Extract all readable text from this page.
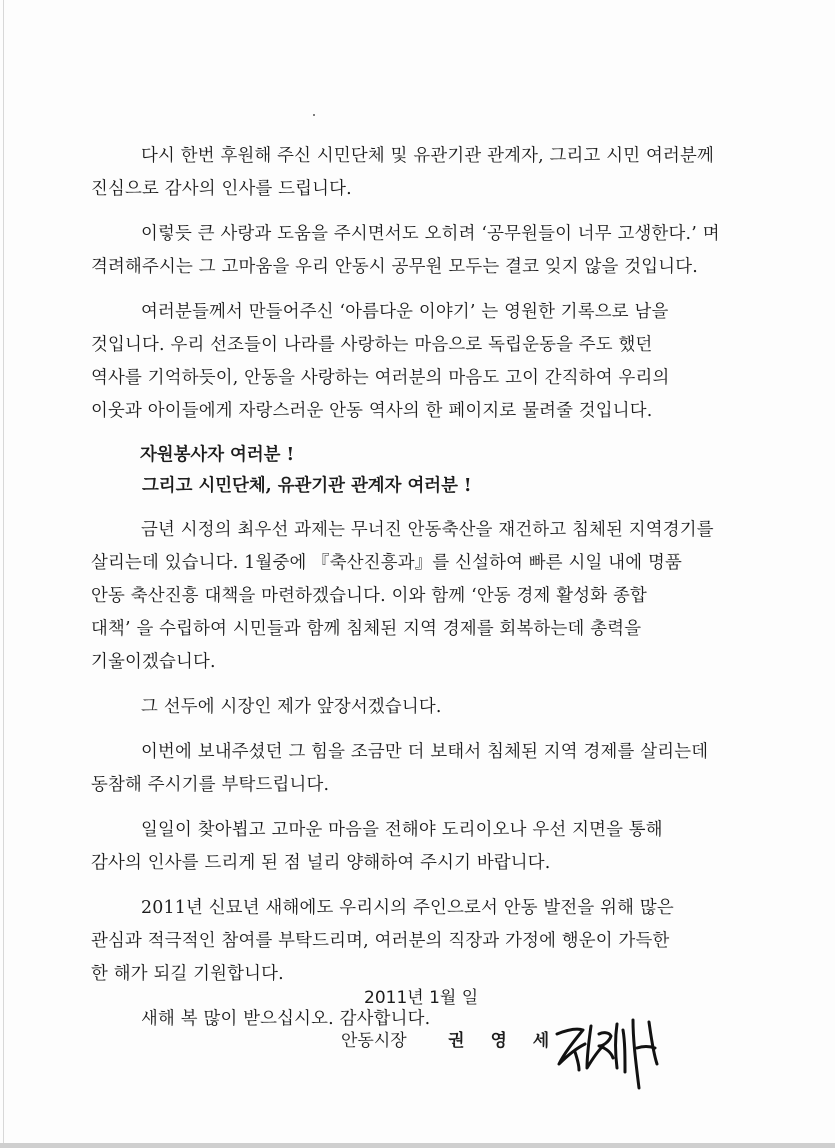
다시 한번 후원해 주신 시민단체 및 유관기관 관계자, 그리고 시민 여러분께
진심으로 감사의 인사를 드립니다.
이렇듯 큰 사랑과 도움을 주시면서도 오히려 ‘공무원들이 너무 고생한다.’ 며
격려해주시는 그 고마움을 우리 안동시 공무원 모두는 결코 잊지 않을 것입니다.
여러분들께서 만들어주신 ‘아름다운 이야기’ 는 영원한 기록으로 남을
것입니다. 우리 선조들이 나라를 사랑하는 마음으로 독립운동을 주도 했던
역사를 기억하듯이, 안동을 사랑하는 여러분의 마음도 고이 간직하여 우리의
이웃과 아이들에게 자랑스러운 안동 역사의 한 페이지로 물려줄 것입니다.
자원봉사자 여러분 !
그리고 시민단체, 유관기관 관계자 여러분 !
금년 시정의 최우선 과제는 무너진 안동축산을 재건하고 침체된 지역경기를
살리는데 있습니다. 1월중에 『축산진흥과』를 신설하여 빠른 시일 내에 명품
안동 축산진흥 대책을 마련하겠습니다. 이와 함께 ‘안동 경제 활성화 종합
대책’ 을 수립하여 시민들과 함께 침체된 지역 경제를 회복하는데 총력을
기울이겠습니다.
그 선두에 시장인 제가 앞장서겠습니다.
이번에 보내주셨던 그 힘을 조금만 더 보태서 침체된 지역 경제를 살리는데
동참해 주시기를 부탁드립니다.
일일이 찾아뵙고 고마운 마음을 전해야 도리이오나 우선 지면을 통해
감사의 인사를 드리게 된 점 널리 양해하여 주시기 바랍니다.
2011년 신묘년 새해에도 우리시의 주인으로서 안동 발전을 위해 많은
관심과 적극적인 참여를 부탁드리며, 여러분의 직장과 가정에 행운이 가득한
한 해가 되길 기원합니다.
새해 복 많이 받으십시오. 감사합니다.
2011년 1월 일
안동시장 권 영 세
